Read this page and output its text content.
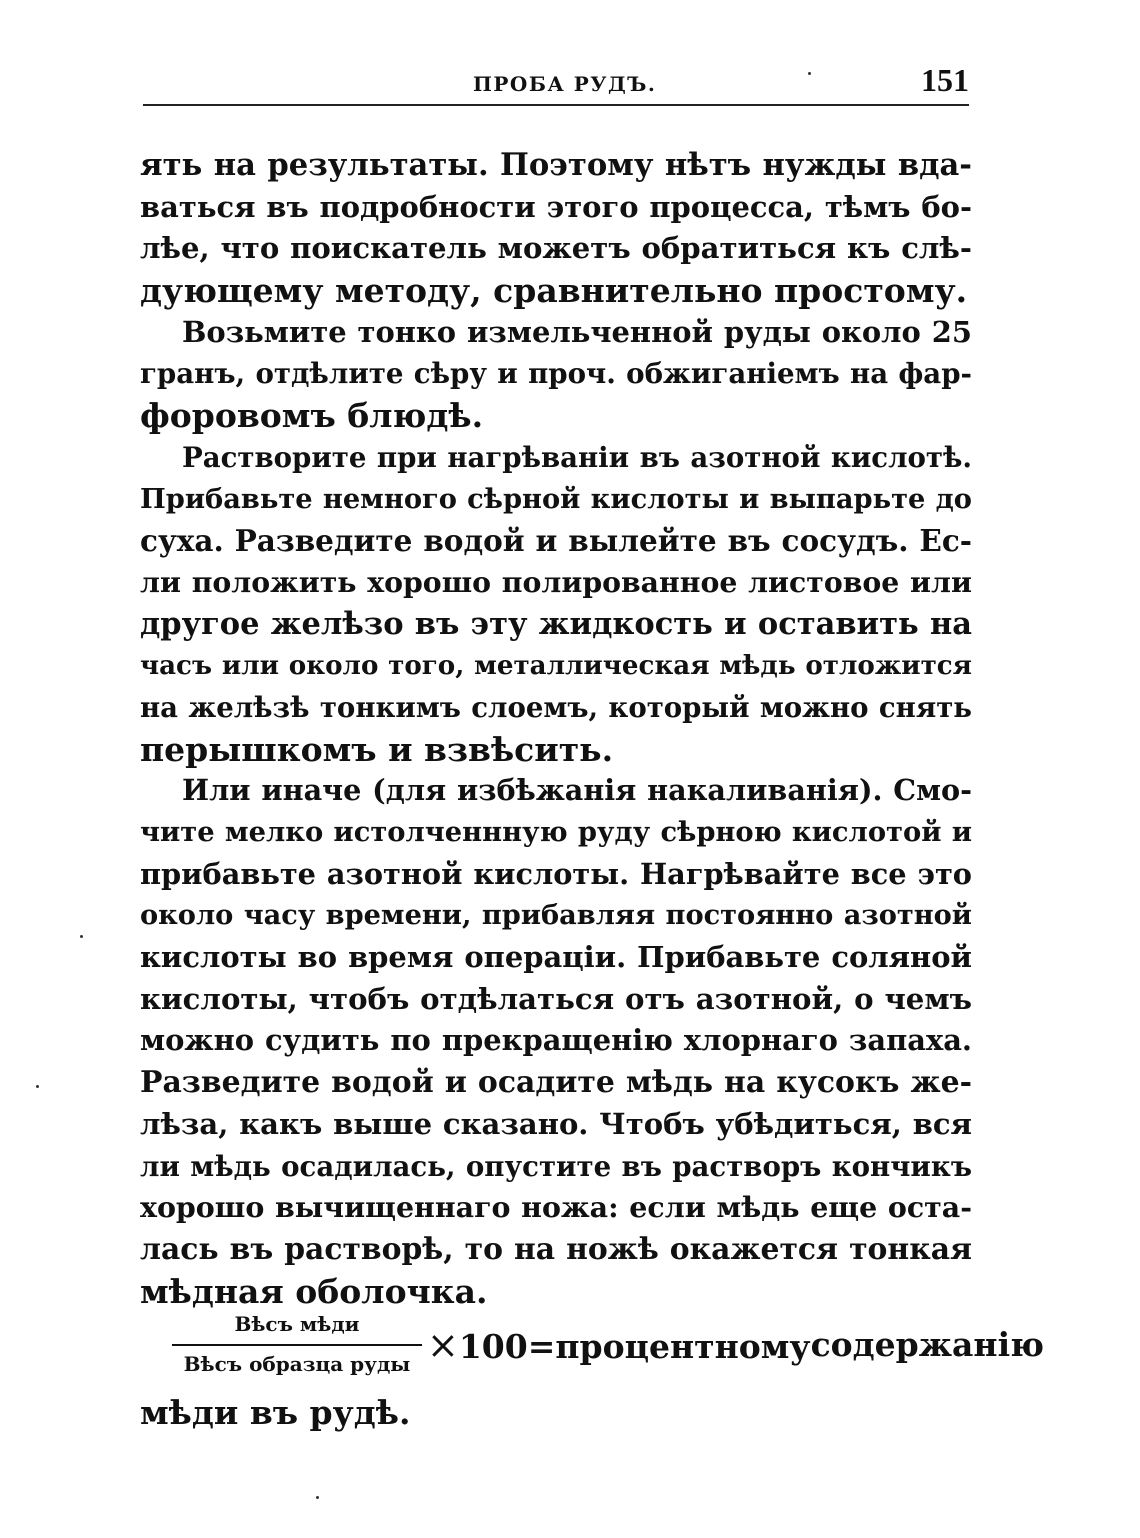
ПРОБА РУДЪ.	151
ять на результаты. Поэтому нѣтъ нужды вда-
ваться въ подробности этого процесса, тѣмъ бо-
лѣе, что поискатель можетъ обратиться къ слѣ-
дующему методу, сравнительно простому.
Возьмите тонко измельченной руды около 25
гранъ, отдѣлите сѣру и проч. обжиганіемъ на фар-
форовомъ блюдѣ.
Растворите при нагрѣваніи въ азотной кислотѣ.
Прибавьте немного сѣрной кислоты и выпарьте до
суха. Разведите водой и вылейте въ сосудъ. Ес-
ли положить хорошо полированное листовое или
другое желѣзо въ эту жидкость и оставить на
часъ или около того, металлическая мѣдь отложится
на желѣзѣ тонкимъ слоемъ, который можно снять
перышкомъ и взвѣсить.
Или иначе (для избѣжанія накаливанія). Смо-
чите мелко истолченнную руду сѣрною кислотой и
прибавьте азотной кислоты. Нагрѣвайте все это
около часу времени, прибавляя постоянно азотной
кислоты во время операціи. Прибавьте соляной
кислоты, чтобъ отдѣлаться отъ азотной, о чемъ
можно судить по прекращенію хлорнаго запаха.
Разведите водой и осадите мѣдь на кусокъ же-
лѣза, какъ выше сказано. Чтобъ убѣдиться, вся
ли мѣдь осадилась, опустите въ растворъ кончикъ
хорошо вычищеннаго ножа: если мѣдь еще оста-
лась въ растворѣ, то на ножѣ окажется тонкая
мѣдная оболочка.
Вѣсъ мѣди
Вѣсъ образца руды ×100=процентному содержанію
мѣди въ рудѣ.
